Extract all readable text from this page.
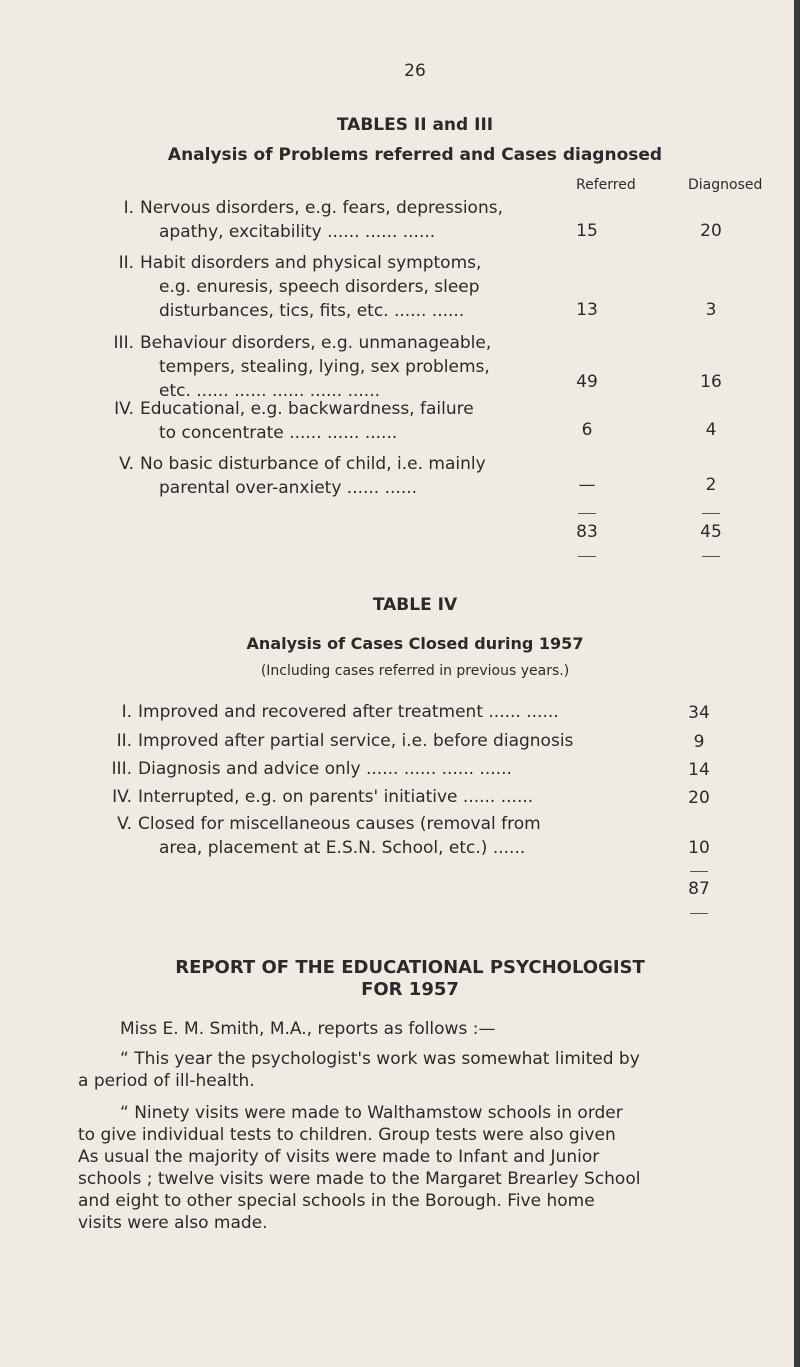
26
TABLES II and III
Analysis of Problems referred and Cases diagnosed
Referred	Diagnosed
I. Nervous disorders, e.g. fears, depressions,
apathy, excitability ...... ...... ......	15	20
II. Habit disorders and physical symptoms,
e.g. enuresis, speech disorders, sleep
disturbances, tics, fits, etc. ...... ......	13	3
III. Behaviour disorders, e.g. unmanageable,
tempers, stealing, lying, sex problems,
etc. ...... ...... ...... ...... ......	49	16
IV. Educational, e.g. backwardness, failure
to concentrate ...... ...... ......	6	4
V. No basic disturbance of child, i.e. mainly
parental over-anxiety ...... ......	—	2
83	45
TABLE IV
Analysis of Cases Closed during 1957
(Including cases referred in previous years.)
I. Improved and recovered after treatment ...... ......	34
II. Improved after partial service, i.e. before diagnosis	9
III. Diagnosis and advice only ...... ...... ...... ......	14
IV. Interrupted, e.g. on parents' initiative ...... ......	20
V. Closed for miscellaneous causes (removal from
area, placement at E.S.N. School, etc.) ......	10
87
REPORT OF THE EDUCATIONAL PSYCHOLOGIST
FOR 1957
Miss E. M. Smith, M.A., reports as follows :—
“ This year the psychologist's work was somewhat limited by
a period of ill-health.
“ Ninety visits were made to Walthamstow schools in order
to give individual tests to children. Group tests were also given
As usual the majority of visits were made to Infant and Junior
schools ; twelve visits were made to the Margaret Brearley School
and eight to other special schools in the Borough. Five home
visits were also made.
